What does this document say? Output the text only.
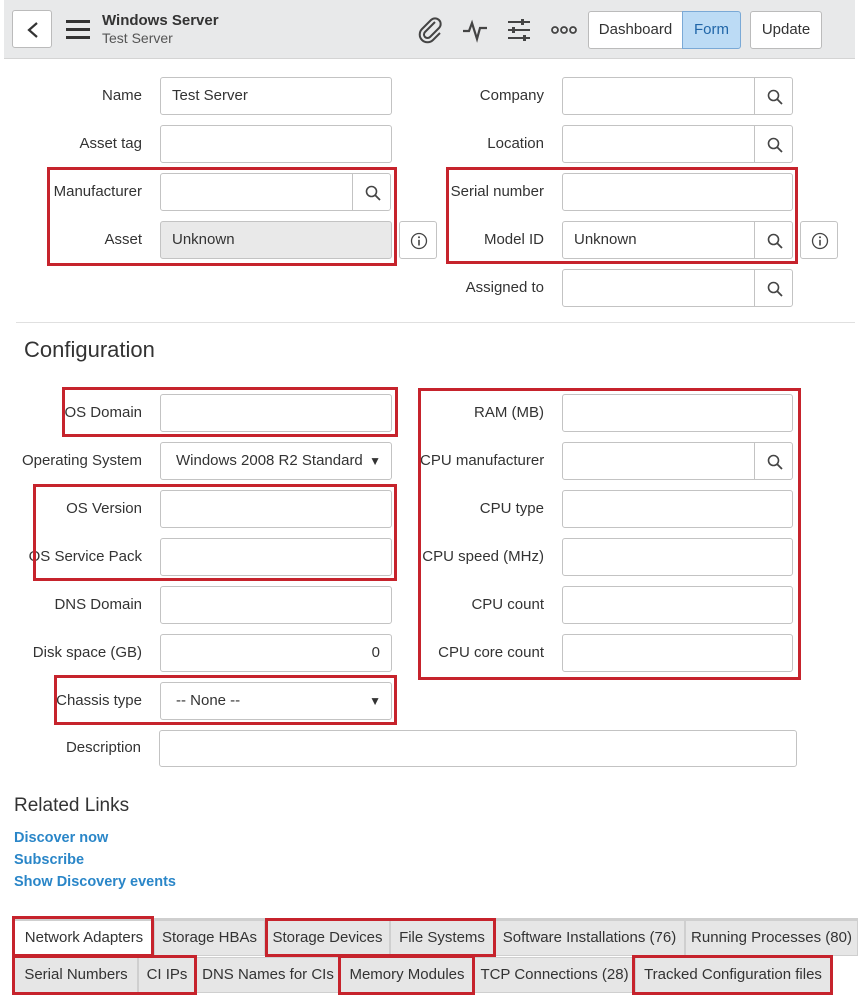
Windows Server
Test Server	Dashboard	Form	Update
Name	Test Server
Asset tag
Manufacturer
Asset	Unknown
Company
Location
Serial number
Model ID	Unknown
Assigned to
Configuration
OS Domain
Operating System	Windows 2008 R2 Standard ▼
OS Version
OS Service Pack
DNS Domain
Disk space (GB)	0
Chassis type	-- None --	▼
RAM (MB)
CPU manufacturer
CPU type
CPU speed (MHz)
CPU count
CPU core count
Description
Related Links
Discover now
Subscribe
Show Discovery events
Network Adapters	Storage HBAs	Storage Devices	File Systems	Software Installations (76) Running Processes (80)
Serial Numbers	CI IPs DNS Names for CIs	Memory Modules	TCP Connections (28)	Tracked Configuration files
